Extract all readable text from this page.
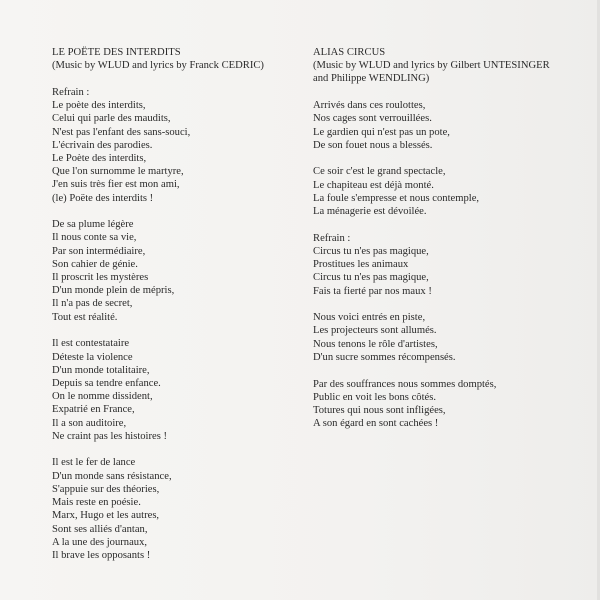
LE POËTE DES INTERDITS
(Music by WLUD and lyrics by Franck CEDRIC)
Refrain :
Le poète des interdits,
Celui qui parle des maudits,
N'est pas l'enfant des sans-souci,
L'écrivain des parodies.
Le Poète des interdits,
Que l'on surnomme le martyre,
J'en suis très fier est mon ami,
(le) Poëte des interdits !
De sa plume légère
Il nous conte sa vie,
Par son intermédiaire,
Son cahier de génie.
Il proscrit les mystères
D'un monde plein de mépris,
Il n'a pas de secret,
Tout est réalité.
Il est contestataire
Déteste la violence
D'un monde totalitaire,
Depuis sa tendre enfance.
On le nomme dissident,
Expatrié en France,
Il a son auditoire,
Ne craint pas les histoires !
Il est le fer de lance
D'un monde sans résistance,
S'appuie sur des théories,
Mais reste en poésie.
Marx, Hugo et les autres,
Sont ses alliés d'antan,
A la une des journaux,
Il brave les opposants !
ALIAS CIRCUS
(Music by WLUD and lyrics by Gilbert UNTESINGER and Philippe WENDLING)
Arrivés dans ces roulottes,
Nos cages sont verrouillées.
Le gardien qui n'est pas un pote,
De son fouet nous a blessés.
Ce soir c'est le grand spectacle,
Le chapiteau est déjà monté.
La foule s'empresse et nous contemple,
La ménagerie est dévoilée.
Refrain :
Circus tu n'es pas magique,
Prostitues les animaux
Circus tu n'es pas magique,
Fais ta fierté par nos maux !
Nous voici entrés en piste,
Les projecteurs sont allumés.
Nous tenons le rôle d'artistes,
D'un sucre sommes récompensés.
Par des souffrances nous sommes domptés,
Public en voit les bons côtés.
Totures qui nous sont infligées,
A son égard en sont cachées !
